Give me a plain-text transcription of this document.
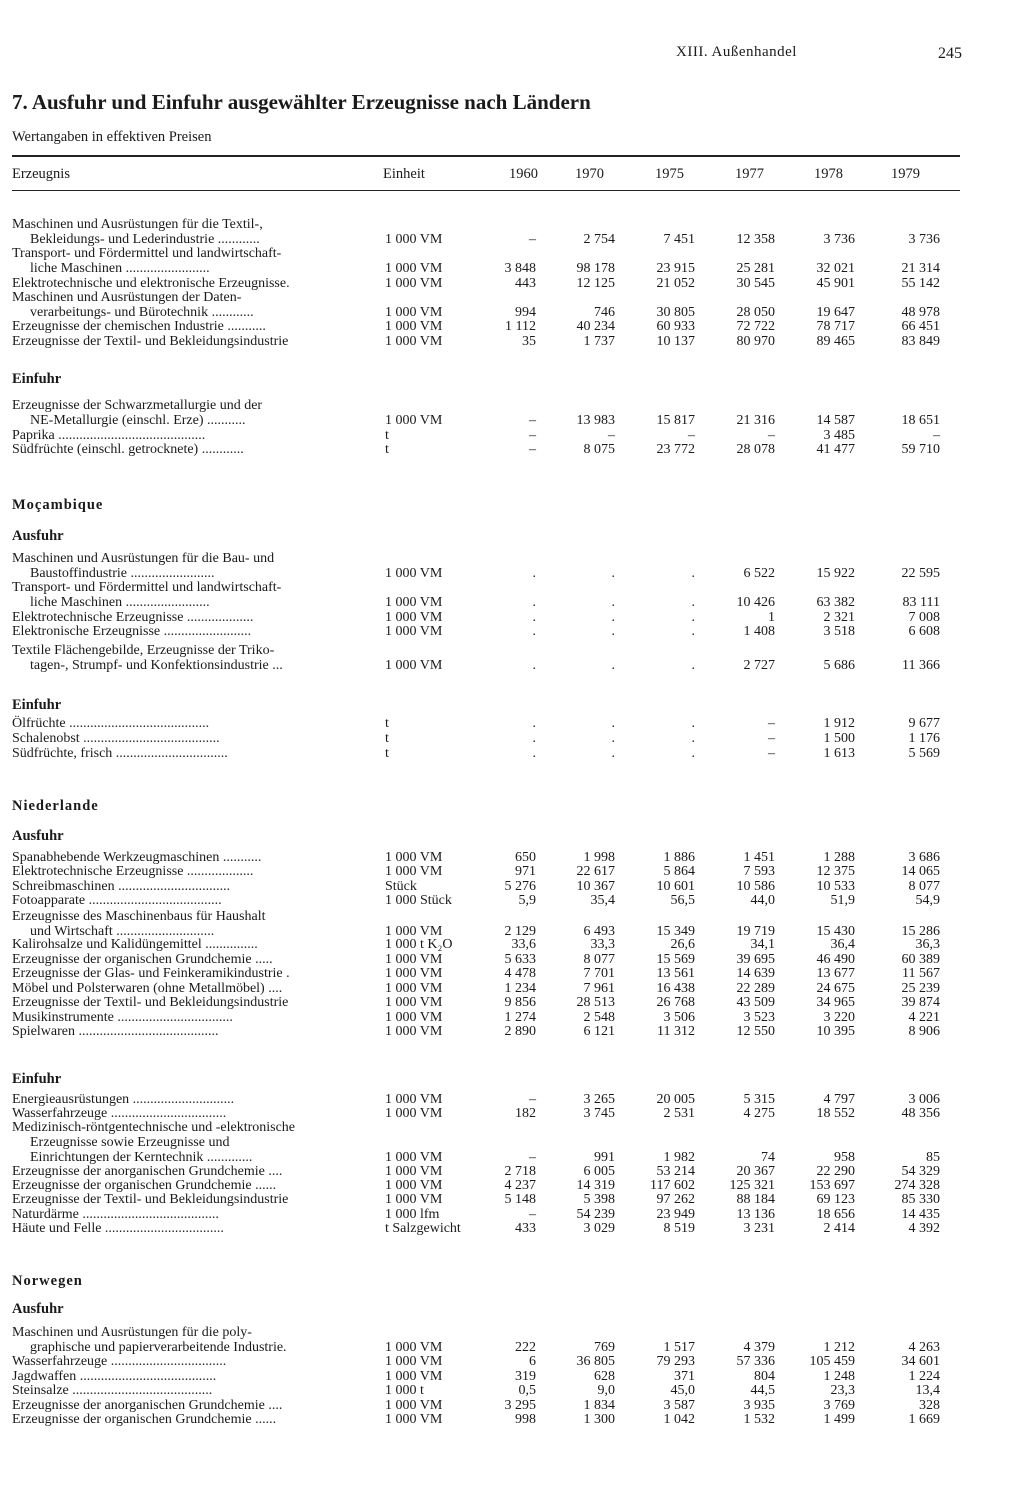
XIII. Außenhandel	245
7. Ausfuhr und Einfuhr ausgewählter Erzeugnisse nach Ländern
Wertangaben in effektiven Preisen
Erzeugnis	Einheit	1960	1970	1975	1977	1978	1979
Maschinen und Ausrüstungen für die Textil-,
Bekleidungs- und Lederindustrie ............	1 000 VM	–	2 754	7 451	12 358	3 736	3 736
Transport- und Fördermittel und landwirtschaft-
liche Maschinen ........................	1 000 VM	3 848	98 178	23 915	25 281	32 021	21 314
Elektrotechnische und elektronische Erzeugnisse.	1 000 VM	443	12 125	21 052	30 545	45 901	55 142
Maschinen und Ausrüstungen der Daten-
verarbeitungs- und Bürotechnik ............	1 000 VM	994	746	30 805	28 050	19 647	48 978
Erzeugnisse der chemischen Industrie ...........	1 000 VM	1 112	40 234	60 933	72 722	78 717	66 451
Erzeugnisse der Textil- und Bekleidungsindustrie	1 000 VM	35	1 737	10 137	80 970	89 465	83 849
Einfuhr
Erzeugnisse der Schwarzmetallurgie und der
NE-Metallurgie (einschl. Erze) ...........	1 000 VM	–	13 983	15 817	21 316	14 587	18 651
Paprika ..........................................	t	–	–	–	–	3 485	–
Südfrüchte (einschl. getrocknete) ............	t	–	8 075	23 772	28 078	41 477	59 710
Moçambique
Ausfuhr
Maschinen und Ausrüstungen für die Bau- und
Baustoffindustrie ........................	1 000 VM	.	.	.	6 522	15 922	22 595
Transport- und Fördermittel und landwirtschaft-
liche Maschinen ........................	1 000 VM	.	.	.	10 426	63 382	83 111
Elektrotechnische Erzeugnisse ...................	1 000 VM	.	.	.	1	2 321	7 008
Elektronische Erzeugnisse .........................	1 000 VM	.	.	.	1 408	3 518	6 608
Textile Flächengebilde, Erzeugnisse der Triko-
tagen-, Strumpf- und Konfektionsindustrie ...	1 000 VM	.	.	.	2 727	5 686	11 366
Einfuhr
Ölfrüchte ........................................	t	.	.	.	–	1 912	9 677
Schalenobst .......................................	t	.	.	.	–	1 500	1 176
Südfrüchte, frisch ................................	t	.	.	.	–	1 613	5 569
Niederlande
Ausfuhr
Spanabhebende Werkzeugmaschinen ...........	1 000 VM	650	1 998	1 886	1 451	1 288	3 686
Elektrotechnische Erzeugnisse ...................	1 000 VM	971	22 617	5 864	7 593	12 375	14 065
Schreibmaschinen ................................	Stück	5 276	10 367	10 601	10 586	10 533	8 077
Fotoapparate ......................................	1 000 Stück	5,9	35,4	56,5	44,0	51,9	54,9
Erzeugnisse des Maschinenbaus für Haushalt
und Wirtschaft ............................	1 000 VM	2 129	6 493	15 349	19 719	15 430	15 286
Kalirohsalze und Kalidüngemittel ...............	1 000 t K₂O	33,6	33,3	26,6	34,1	36,4	36,3
Erzeugnisse der organischen Grundchemie .....	1 000 VM	5 633	8 077	15 569	39 695	46 490	60 389
Erzeugnisse der Glas- und Feinkeramikindustrie .	1 000 VM	4 478	7 701	13 561	14 639	13 677	11 567
Möbel und Polsterwaren (ohne Metallmöbel) ....	1 000 VM	1 234	7 961	16 438	22 289	24 675	25 239
Erzeugnisse der Textil- und Bekleidungsindustrie	1 000 VM	9 856	28 513	26 768	43 509	34 965	39 874
Musikinstrumente .................................	1 000 VM	1 274	2 548	3 506	3 523	3 220	4 221
Spielwaren ........................................	1 000 VM	2 890	6 121	11 312	12 550	10 395	8 906
Einfuhr
Energieausrüstungen .............................	1 000 VM	–	3 265	20 005	5 315	4 797	3 006
Wasserfahrzeuge .................................	1 000 VM	182	3 745	2 531	4 275	18 552	48 356
Medizinisch-röntgentechnische und -elektronische
Erzeugnisse sowie Erzeugnisse und
Einrichtungen der Kerntechnik .............	1 000 VM	–	991	1 982	74	958	85
Erzeugnisse der anorganischen Grundchemie ....	1 000 VM	2 718	6 005	53 214	20 367	22 290	54 329
Erzeugnisse der organischen Grundchemie ......	1 000 VM	4 237	14 319	117 602	125 321	153 697	274 328
Erzeugnisse der Textil- und Bekleidungsindustrie	1 000 VM	5 148	5 398	97 262	88 184	69 123	85 330
Naturdärme .......................................	1 000 lfm	–	54 239	23 949	13 136	18 656	14 435
Häute und Felle ..................................	t Salzgewicht	433	3 029	8 519	3 231	2 414	4 392
Norwegen
Ausfuhr
Maschinen und Ausrüstungen für die poly-
graphische und papierverarbeitende Industrie.	1 000 VM	222	769	1 517	4 379	1 212	4 263
Wasserfahrzeuge .................................	1 000 VM	6	36 805	79 293	57 336	105 459	34 601
Jagdwaffen .......................................	1 000 VM	319	628	371	804	1 248	1 224
Steinsalze ........................................	1 000 t	0,5	9,0	45,0	44,5	23,3	13,4
Erzeugnisse der anorganischen Grundchemie ....	1 000 VM	3 295	1 834	3 587	3 935	3 769	328
Erzeugnisse der organischen Grundchemie ......	1 000 VM	998	1 300	1 042	1 532	1 499	1 669
